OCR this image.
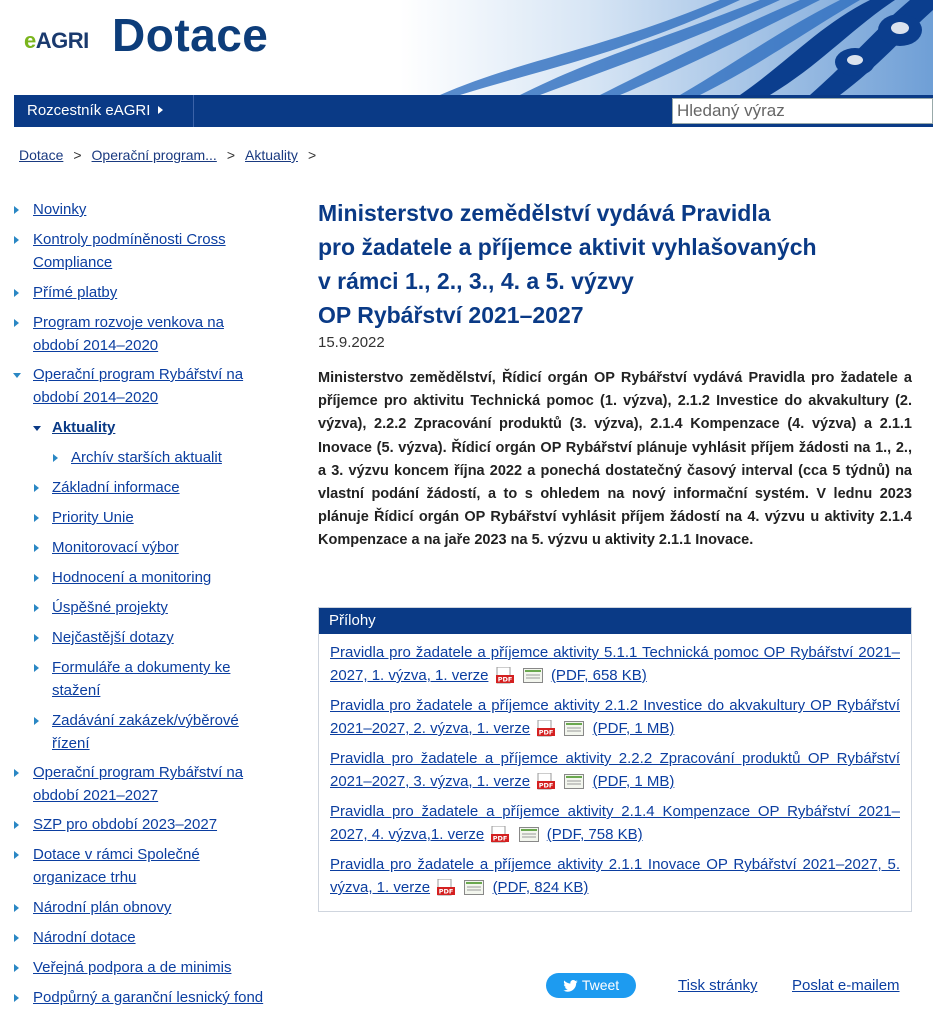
eAGRI Dotace
Rozcestník eAGRI
Hledaný výraz
Dotace > Operační program... > Aktuality >
Novinky
Kontroly podmíněnosti Cross Compliance
Přímé platby
Program rozvoje venkova na období 2014–2020
Operační program Rybářství na období 2014–2020
Aktuality
Archív starších aktualit
Základní informace
Priority Unie
Monitorovací výbor
Hodnocení a monitoring
Úspěšné projekty
Nejčastější dotazy
Formuláře a dokumenty ke stažení
Zadávání zakázek/výběrové řízení
Operační program Rybářství na období 2021–2027
SZP pro období 2023–2027
Dotace v rámci Společné organizace trhu
Národní plán obnovy
Národní dotace
Veřejná podpora a de minimis
Podpůrný a garanční lesnický fond
Ministerstvo zemědělství vydává Pravidla
pro žadatele a příjemce aktivit vyhlašovaných
v rámci 1., 2., 3., 4. a 5. výzvy
OP Rybářství 2021–2027
15.9.2022

Ministerstvo zemědělství, Řídicí orgán OP Rybářství vydává Pravidla pro žadatele a příjemce pro aktivitu Technická pomoc (1. výzva), 2.1.2 Investice do akvakultury (2. výzva), 2.2.2 Zpracování produktů (3. výzva), 2.1.4 Kompenzace (4. výzva) a 2.1.1 Inovace (5. výzva). Řídicí orgán OP Rybářství plánuje vyhlásit příjem žádosti na 1., 2., a 3. výzvu koncem října 2022 a ponechá dostatečný časový interval (cca 5 týdnů) na vlastní podání žádostí, a to s ohledem na nový informační systém. V lednu 2023 plánuje Řídicí orgán OP Rybářství vyhlásit příjem žádostí na 4. výzvu u aktivity 2.1.4 Kompenzace a na jaře 2023 na 5. výzvu u aktivity 2.1.1 Inovace.

Přílohy
Pravidla pro žadatele a příjemce aktivity 5.1.1 Technická pomoc OP Rybářství 2021–2027, 1. výzva, 1. verze PDF	(PDF, 658 KB)
Pravidla pro žadatele a příjemce aktivity 2.1.2 Investice do akvakultury OP Rybářství 2021–2027, 2. výzva, 1. verze PDF	(PDF, 1 MB)
Pravidla pro žadatele a příjemce aktivity 2.2.2 Zpracování produktů OP Rybářství 2021–2027, 3. výzva, 1. verze PDF	(PDF, 1 MB)
Pravidla pro žadatele a příjemce aktivity 2.1.4 Kompenzace OP Rybářství 2021–2027, 4. výzva,1. verze PDF	(PDF, 758 KB)
Pravidla pro žadatele a příjemce aktivity 2.1.1 Inovace OP Rybářství 2021–2027, 5. výzva, 1. verze PDF	(PDF, 824 KB)
Tweet	Tisk stránky Poslat e-mailem
